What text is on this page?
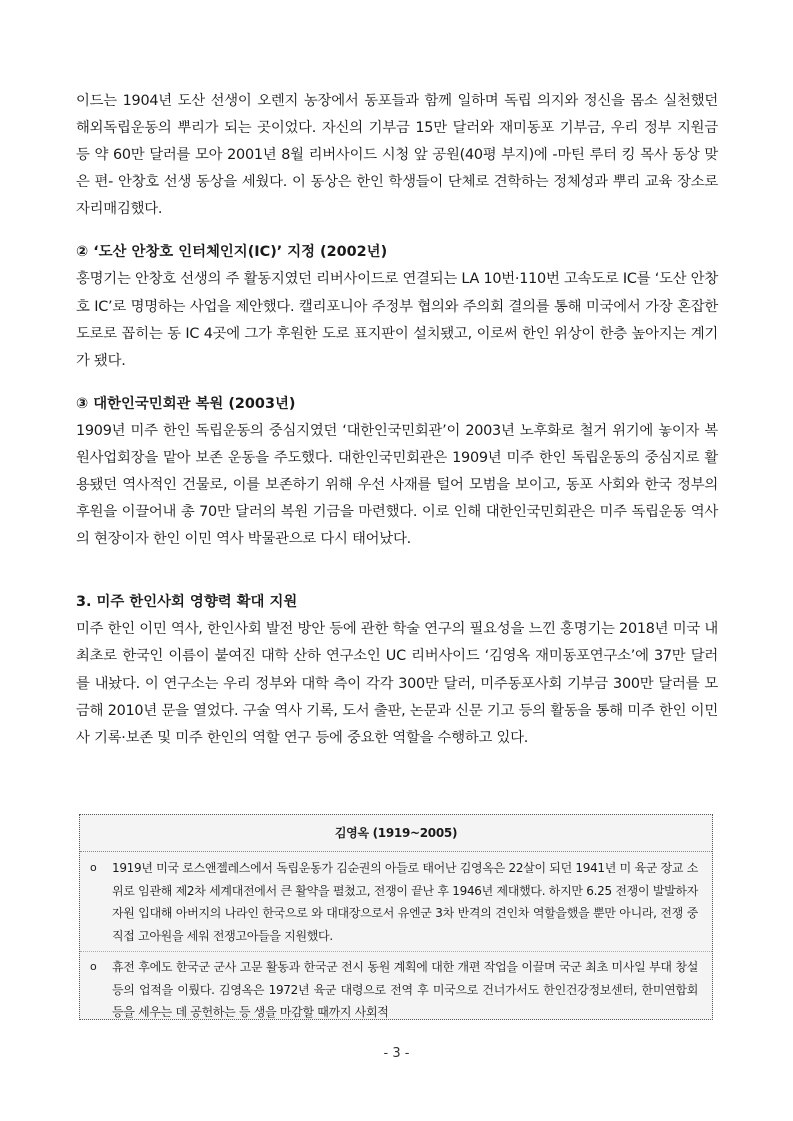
이드는 1904년 도산 선생이 오렌지 농장에서 동포들과 함께 일하며 독립 의지와 정신을 몸소 실천했던 해외독립운동의 뿌리가 되는 곳이었다. 자신의 기부금 15만 달러와 재미동포 기부금, 우리 정부 지원금 등 약 60만 달러를 모아 2001년 8월 리버사이드 시청 앞 공원(40평 부지)에 -마틴 루터 킹 목사 동상 맞은 편- 안창호 선생 동상을 세웠다. 이 동상은 한인 학생들이 단체로 견학하는 정체성과 뿌리 교육 장소로 자리매김했다.

② ‘도산 안창호 인터체인지(IC)’ 지정 (2002년)

홍명기는 안창호 선생의 주 활동지였던 리버사이드로 연결되는 LA 10번·110번 고속도로 IC를 ‘도산 안창호 IC’로 명명하는 사업을 제안했다. 캘리포니아 주정부 협의와 주의회 결의를 통해 미국에서 가장 혼잡한 도로로 꼽히는 동 IC 4곳에 그가 후원한 도로 표지판이 설치됐고, 이로써 한인 위상이 한층 높아지는 계기가 됐다.

③ 대한인국민회관 복원 (2003년)

1909년 미주 한인 독립운동의 중심지였던 ‘대한인국민회관’이 2003년 노후화로 철거 위기에 놓이자 복원사업회장을 맡아 보존 운동을 주도했다. 대한인국민회관은 1909년 미주 한인 독립운동의 중심지로 활용됐던 역사적인 건물로, 이를 보존하기 위해 우선 사재를 털어 모범을 보이고, 동포 사회와 한국 정부의 후원을 이끌어내 총 70만 달러의 복원 기금을 마련했다. 이로 인해 대한인국민회관은 미주 독립운동 역사의 현장이자 한인 이민 역사 박물관으로 다시 태어났다.

3. 미주 한인사회 영향력 확대 지원

미주 한인 이민 역사, 한인사회 발전 방안 등에 관한 학술 연구의 필요성을 느낀 홍명기는 2018년 미국 내 최초로 한국인 이름이 붙여진 대학 산하 연구소인 UC 리버사이드 ‘김영옥 재미동포연구소’에 37만 달러를 내놨다. 이 연구소는 우리 정부와 대학 측이 각각 300만 달러, 미주동포사회 기부금 300만 달러를 모금해 2010년 문을 열었다. 구술 역사 기록, 도서 출판, 논문과 신문 기고 등의 활동을 통해 미주 한인 이민사 기록·보존 및 미주 한인의 역할 연구 등에 중요한 역할을 수행하고 있다.

김영옥 (1919~2005)
o 1919년 미국 로스앤젤레스에서 독립운동가 김순권의 아들로 태어난 김영옥은 22살이 되던 1941년 미 육군 장교 소위로 임관해 제2차 세계대전에서 큰 활약을 펼쳤고, 전쟁이 끝난 후 1946년 제대했다. 하지만 6.25 전쟁이 발발하자 자원 입대해 아버지의 나라인 한국으로 와 대대장으로서 유엔군 3차 반격의 견인차 역할을했을 뿐만 아니라, 전쟁 중 직접 고아원을 세워 전쟁고아들을 지원했다.
o 휴전 후에도 한국군 군사 고문 활동과 한국군 전시 동원 계획에 대한 개편 작업을 이끌며 국군 최초 미사일 부대 창설 등의 업적을 이뤘다. 김영옥은 1972년 육군 대령으로 전역 후 미국으로 건너가서도 한인건강정보센터, 한미연합회 등을 세우는 데 공헌하는 등 생을 마감할 때까지 사회적
- 3 -
